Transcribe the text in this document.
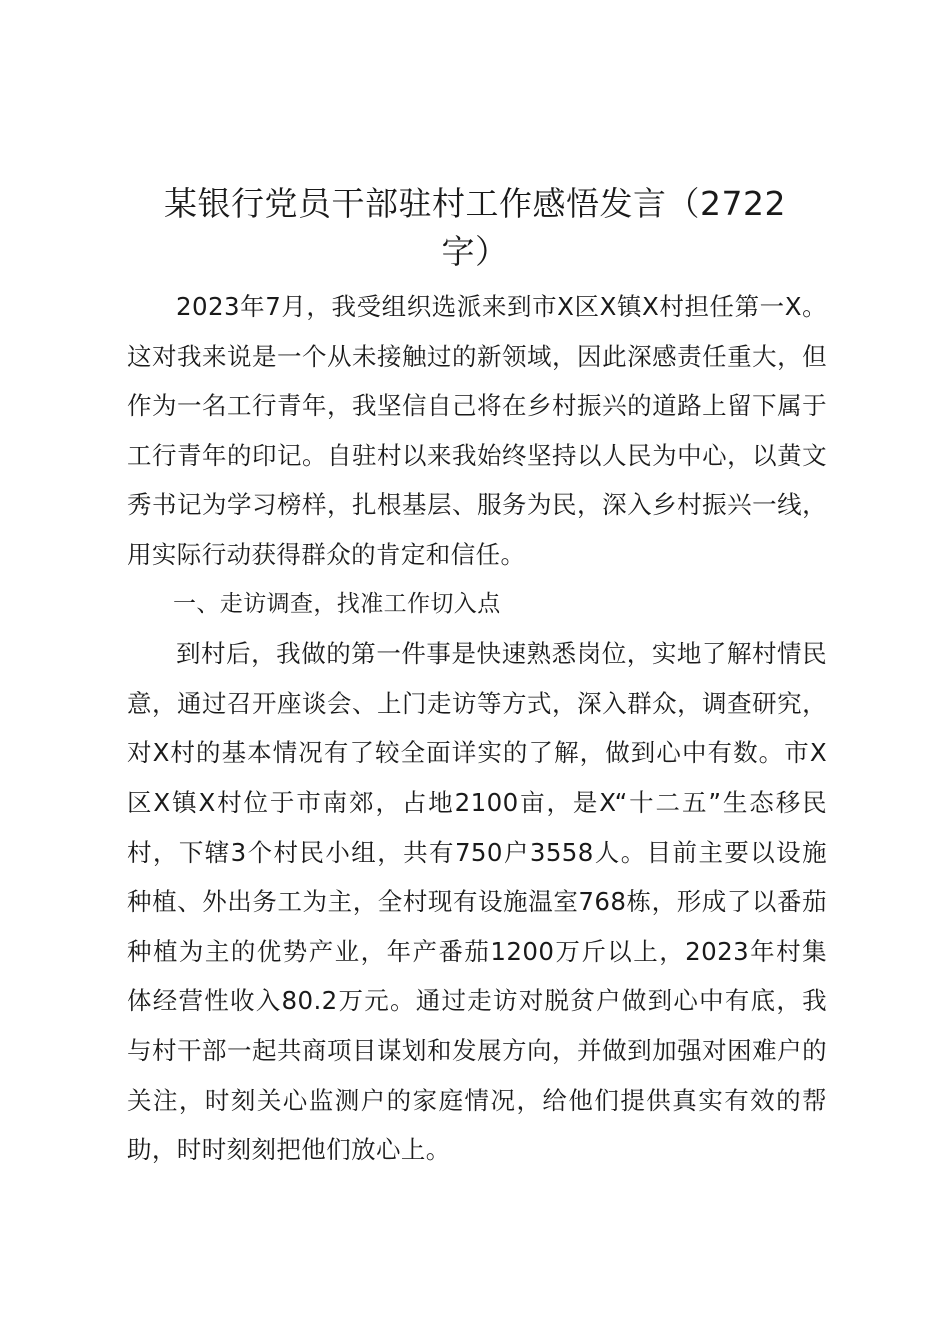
某银行党员干部驻村工作感悟发言（2722字）

2023年7月，我受组织选派来到市X区X镇X村担任第一X。这对我来说是一个从未接触过的新领域，因此深感责任重大，但作为一名工行青年，我坚信自己将在乡村振兴的道路上留下属于工行青年的印记。自驻村以来我始终坚持以人民为中心，以黄文秀书记为学习榜样，扎根基层、服务为民，深入乡村振兴一线，用实际行动获得群众的肯定和信任。

一、走访调查，找准工作切入点

到村后，我做的第一件事是快速熟悉岗位，实地了解村情民意，通过召开座谈会、上门走访等方式，深入群众，调查研究，对X村的基本情况有了较全面详实的了解，做到心中有数。市X区X镇X村位于市南郊，占地2100亩，是X“十二五”生态移民村，下辖3个村民小组，共有750户3558人。目前主要以设施种植、外出务工为主，全村现有设施温室768栋，形成了以番茄种植为主的优势产业，年产番茄1200万斤以上，2023年村集体经营性收入80.2万元。通过走访对脱贫户做到心中有底，我与村干部一起共商项目谋划和发展方向，并做到加强对困难户的关注，时刻关心监测户的家庭情况，给他们提供真实有效的帮助，时时刻刻把他们放心上。
